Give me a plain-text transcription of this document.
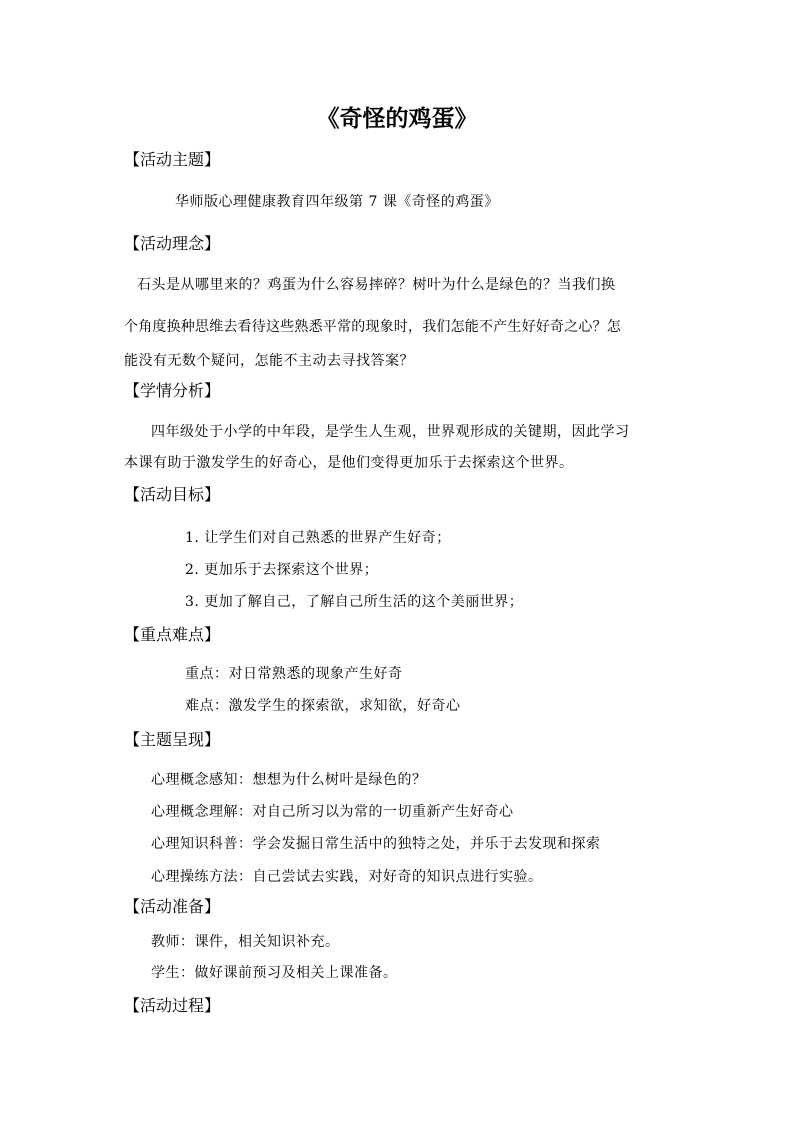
《奇怪的鸡蛋》
【活动主题】
华师版心理健康教育四年级第 7 课《奇怪的鸡蛋》
【活动理念】
石头是从哪里来的？鸡蛋为什么容易摔碎？树叶为什么是绿色的？当我们换
个角度换种思维去看待这些熟悉平常的现象时，我们怎能不产生好好奇之心？怎
能没有无数个疑问，怎能不主动去寻找答案？
【学情分析】
四年级处于小学的中年段，是学生人生观，世界观形成的关键期，因此学习
本课有助于激发学生的好奇心，是他们变得更加乐于去探索这个世界。
【活动目标】
1. 让学生们对自己熟悉的世界产生好奇；
2. 更加乐于去探索这个世界；
3. 更加了解自己，了解自己所生活的这个美丽世界；
【重点难点】
重点：对日常熟悉的现象产生好奇
难点：激发学生的探索欲，求知欲，好奇心
【主题呈现】
心理概念感知：想想为什么树叶是绿色的？
心理概念理解：对自己所习以为常的一切重新产生好奇心
心理知识科普：学会发掘日常生活中的独特之处，并乐于去发现和探索
心理操练方法：自己尝试去实践，对好奇的知识点进行实验。
【活动准备】
教师：课件，相关知识补充。
学生：做好课前预习及相关上课准备。
【活动过程】
